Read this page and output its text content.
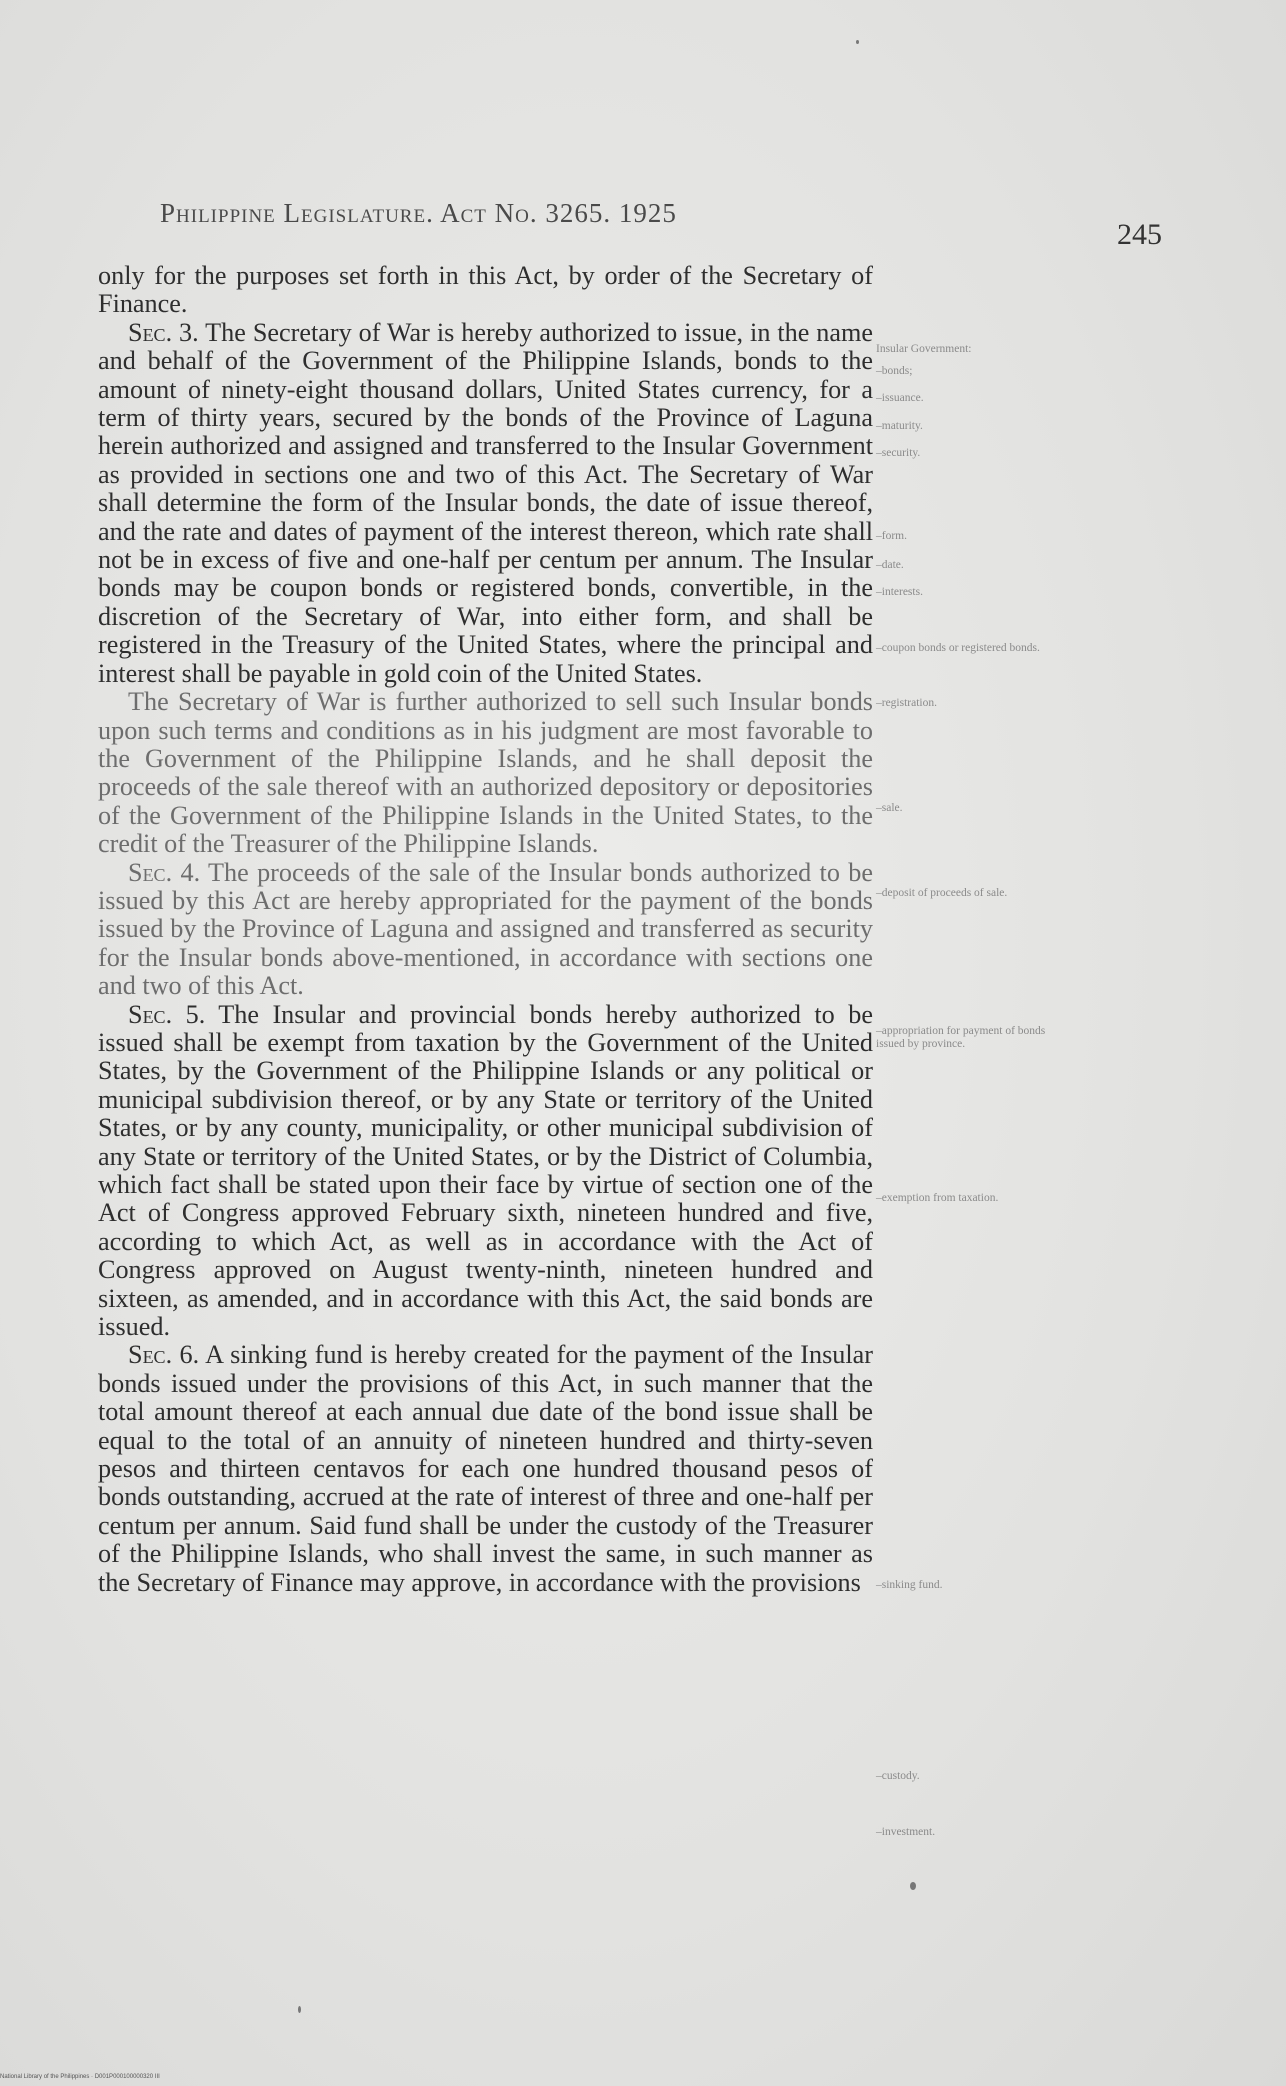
Philippine Legislature. Act No. 3265. 1925
245

only for the purposes set forth in this Act, by order of the Secretary of Finance.

Sec. 3. The Secretary of War is hereby authorized to issue, in the name and behalf of the Government of the Philippine Islands, bonds to the amount of ninety-eight thousand dollars, United States currency, for a term of thirty years, secured by the bonds of the Province of Laguna herein authorized and assigned and transferred to the Insular Government as provided in sections one and two of this Act. The Secretary of War shall determine the form of the Insular bonds, the date of issue thereof, and the rate and dates of payment of the interest thereon, which rate shall not be in excess of five and one-half per centum per annum. The Insular bonds may be coupon bonds or registered bonds, convertible, in the discretion of the Secretary of War, into either form, and shall be registered in the Treasury of the United States, where the principal and interest shall be payable in gold coin of the United States.

The Secretary of War is further authorized to sell such Insular bonds upon such terms and conditions as in his judgment are most favorable to the Government of the Philippine Islands, and he shall deposit the proceeds of the sale thereof with an authorized depository or depositories of the Government of the Philippine Islands in the United States, to the credit of the Treasurer of the Philippine Islands.

Sec. 4. The proceeds of the sale of the Insular bonds authorized to be issued by this Act are hereby appropriated for the payment of the bonds issued by the Province of Laguna and assigned and transferred as security for the Insular bonds above-mentioned, in accordance with sections one and two of this Act.

Sec. 5. The Insular and provincial bonds hereby authorized to be issued shall be exempt from taxation by the Government of the United States, by the Government of the Philippine Islands or any political or municipal subdivision thereof, or by any State or territory of the United States, or by any county, municipality, or other municipal subdivision of any State or territory of the United States, or by the District of Columbia, which fact shall be stated upon their face by virtue of section one of the Act of Congress approved February sixth, nineteen hundred and five, according to which Act, as well as in accordance with the Act of Congress approved on August twenty-ninth, nineteen hundred and sixteen, as amended, and in accordance with this Act, the said bonds are issued.

Sec. 6. A sinking fund is hereby created for the payment of the Insular bonds issued under the provisions of this Act, in such manner that the total amount thereof at each annual due date of the bond issue shall be equal to the total of an annuity of nineteen hundred and thirty-seven pesos and thirteen centavos for each one hundred thousand pesos of bonds outstanding, accrued at the rate of interest of three and one-half per centum per annum. Said fund shall be under the custody of the Treasurer of the Philippine Islands, who shall invest the same, in such manner as the Secretary of Finance may approve, in accordance with the provisions

Insular Government:
–bonds;
–issuance.
–maturity.
–security.
–form.
–date.
–interests.
–coupon bonds or registered bonds.
–registration.
–sale.
–deposit of proceeds of sale.
–appropriation for payment of bonds issued by province.
–exemption from taxation.
–sinking fund.
–custody.
–investment.
National Library of the Philippines · D001P000100000320 III
